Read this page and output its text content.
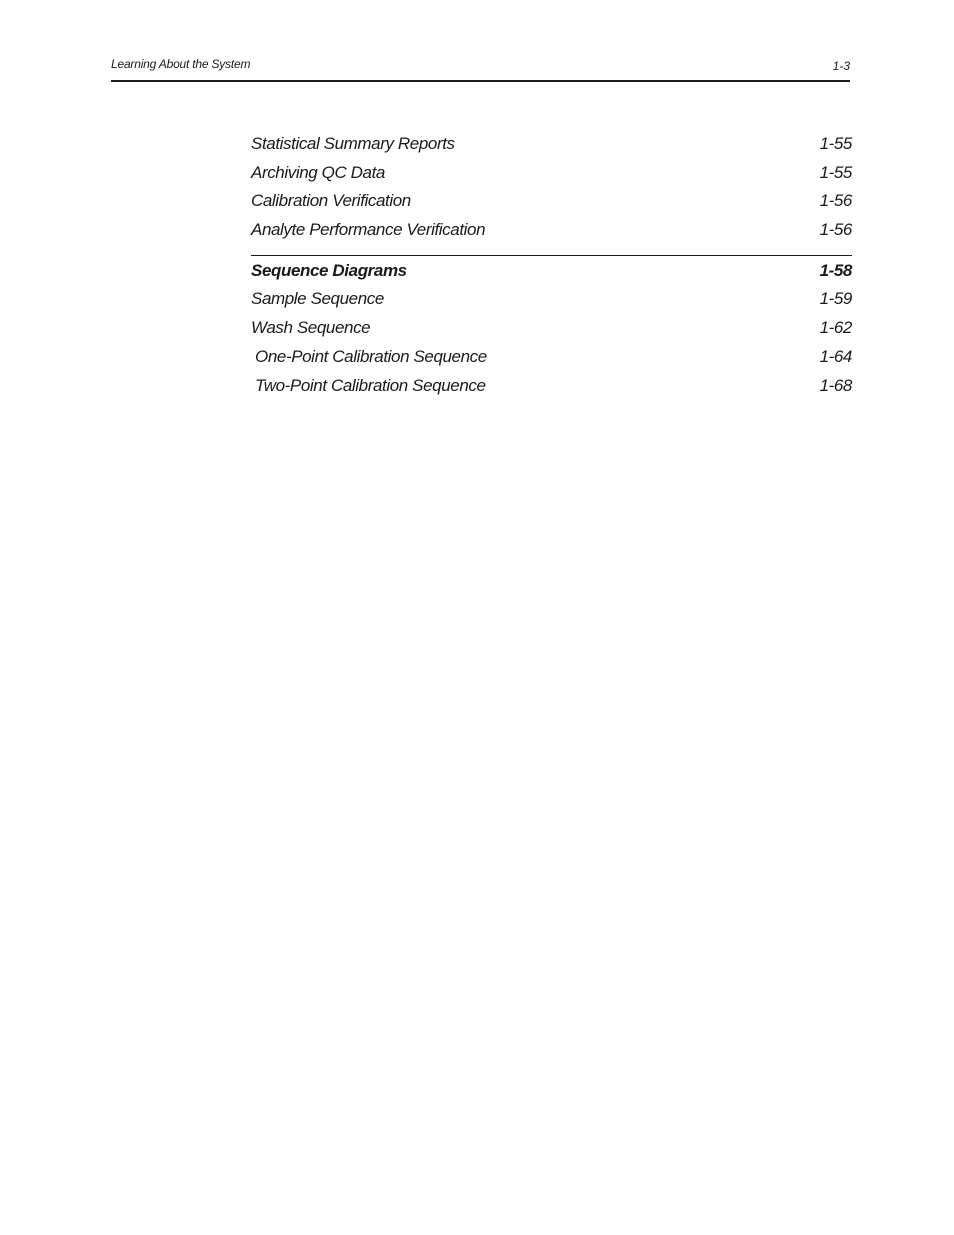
Learning About the System	1-3
Statistical Summary Reports	1-55
Archiving QC Data	1-55
Calibration Verification	1-56
Analyte Performance Verification	1-56
Sequence Diagrams	1-58
Sample Sequence	1-59
Wash Sequence	1-62
One-Point Calibration Sequence	1-64
Two-Point Calibration Sequence	1-68
